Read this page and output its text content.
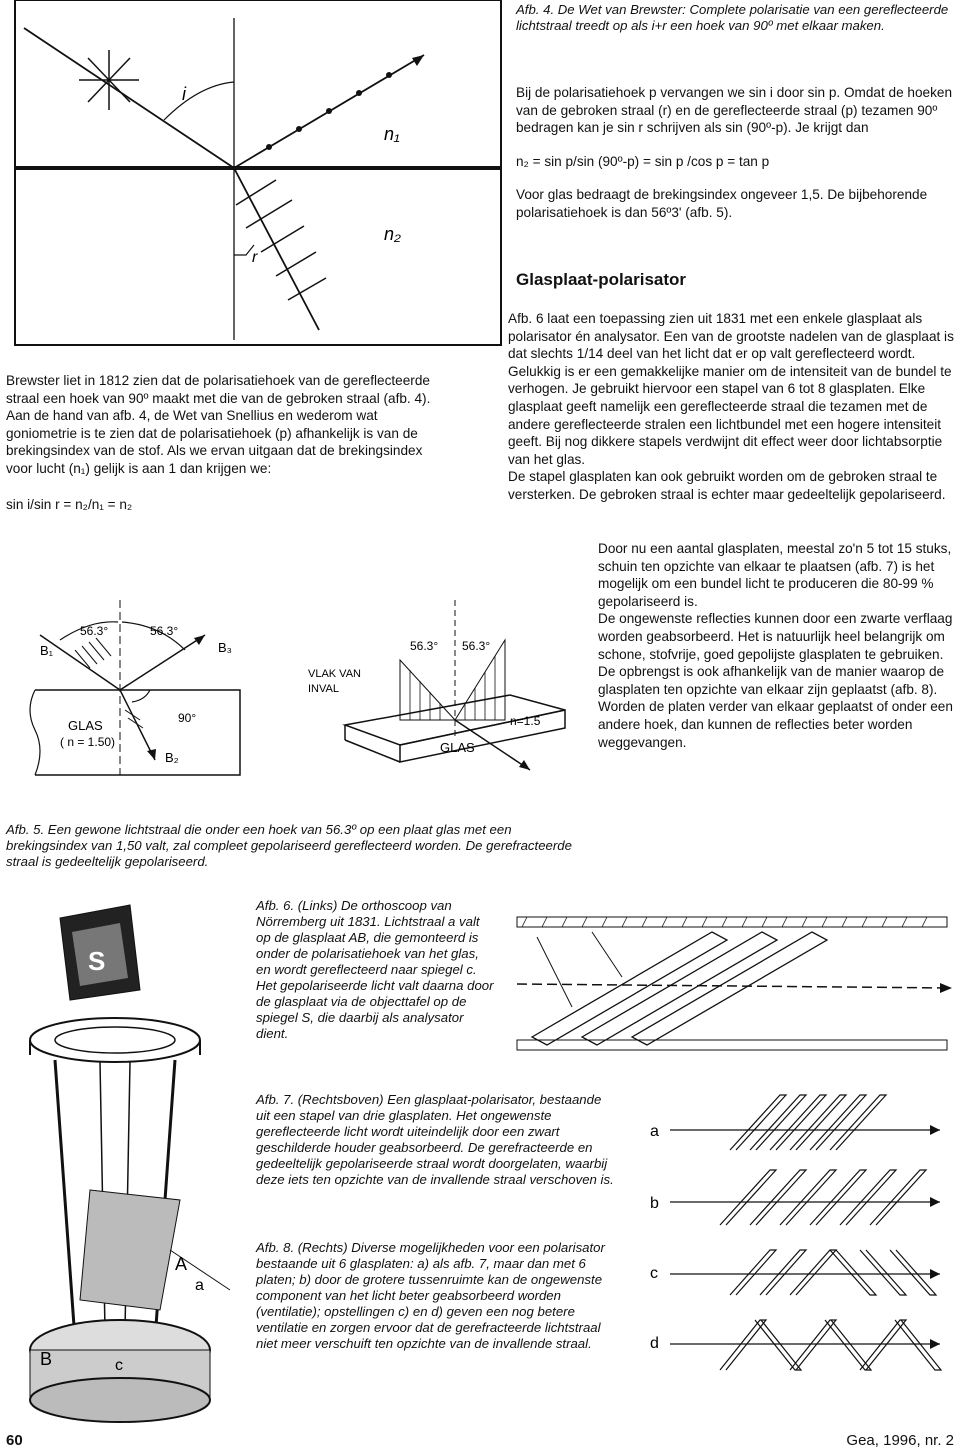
i
n₁
n₂
r
Afb. 4. De Wet van Brewster: Complete polarisatie van een gereflecteerde lichtstraal treedt op als i+r een hoek van 90º met elkaar maken.

Bij de polarisatiehoek p vervangen we sin i door sin p. Omdat de hoeken van de gebroken straal (r) en de gereflecteerde straal (p) tezamen 90º bedragen kan je sin r schrijven als sin (90º-p). Je krijgt dan

n₂ = sin p/sin (90º-p) = sin p /cos p = tan p

Voor glas bedraagt de brekingsindex ongeveer 1,5. De bijbehorende polarisatiehoek is dan 56º3' (afb. 5).

Glasplaat-polarisator

Brewster liet in 1812 zien dat de polarisatiehoek van de gereflecteerde straal een hoek van 90º maakt met die van de gebroken straal (afb. 4). Aan de hand van afb. 4, de Wet van Snellius en wederom wat goniometrie is te zien dat de polarisatiehoek (p) afhankelijk is van de brekingsindex van de stof. Als we ervan uitgaan dat de brekingsindex voor lucht (n₁) gelijk is aan 1 dan krijgen we:

sin i/sin r = n₂/n₁ = n₂

Afb. 6 laat een toepassing zien uit 1831 met een enkele glasplaat als polarisator én analysator. Een van de grootste nadelen van de glasplaat is dat slechts 1/14 deel van het licht dat er op valt gereflecteerd wordt. Gelukkig is er een gemakkelijke manier om de intensiteit van de bundel te verhogen. Je gebruikt hiervoor een stapel van 6 tot 8 glasplaten. Elke glasplaat geeft namelijk een gereflecteerde straal die tezamen met de andere gereflecteerde stralen een lichtbundel met een hogere intensiteit geeft. Bij nog dikkere stapels verdwijnt dit effect weer door lichtabsorptie van het glas.

De stapel glasplaten kan ook gebruikt worden om de gebroken straal te versterken. De gebroken straal is echter maar gedeeltelijk gepolariseerd.

Door nu een aantal glasplaten, meestal zo'n 5 tot 15 stuks, schuin ten opzichte van elkaar te plaatsen (afb. 7) is het mogelijk om een bundel licht te produceren die 80-99 % gepolariseerd is.

De ongewenste reflecties kunnen door een zwarte verflaag worden geabsorbeerd. Het is natuurlijk heel belangrijk om schone, stofvrije, goed gepolijste glasplaten te gebruiken. De opbrengst is ook afhankelijk van de manier waarop de glasplaten ten opzichte van elkaar zijn geplaatst (afb. 8). Worden de platen verder van elkaar geplaatst of onder een andere hoek, dan kunnen de reflecties beter worden weggevangen.

56.3°	56.3°
90°
B₁	B₃
B₂
GLAS
( n = 1.50)
VLAK VAN
INVAL
56.3° 56.3°
GLAS
n=1.5
Afb. 5. Een gewone lichtstraal die onder een hoek van 56.3º op een plaat glas met een brekingsindex van 1,50 valt, zal compleet gepolariseerd gereflecteerd worden. De gerefracteerde straal is gedeeltelijk gepolariseerd.
S
A
a
B	c
Afb. 6. (Links) De orthoscoop van Nörremberg uit 1831. Lichtstraal a valt op de glasplaat AB, die gemonteerd is onder de polarisatiehoek van het glas, en wordt gereflecteerd naar spiegel c. Het gepolariseerde licht valt daarna door de glasplaat via de objecttafel op de spiegel S, die daarbij als analysator dient.
Afb. 7. (Rechtsboven) Een glasplaat-polarisator, bestaande uit een stapel van drie glasplaten. Het ongewenste gereflecteerde licht wordt uiteindelijk door een zwart geschilderde houder geabsorbeerd. De gerefracteerde en gedeeltelijk gepolariseerde straal wordt doorgelaten, waarbij deze iets ten opzichte van de invallende straal verschoven is.
Afb. 8. (Rechts) Diverse mogelijkheden voor een polarisator bestaande uit 6 glasplaten: a) als afb. 7, maar dan met 6 platen; b) door de grotere tussenruimte kan de ongewenste component van het licht beter geabsorbeerd worden (ventilatie); opstellingen c) en d) geven een nog betere ventilatie en zorgen ervoor dat de gerefracteerde lichtstraal niet meer verschuift ten opzichte van de invallende straal.
a
b
c
d
60	Gea, 1996, nr. 2
